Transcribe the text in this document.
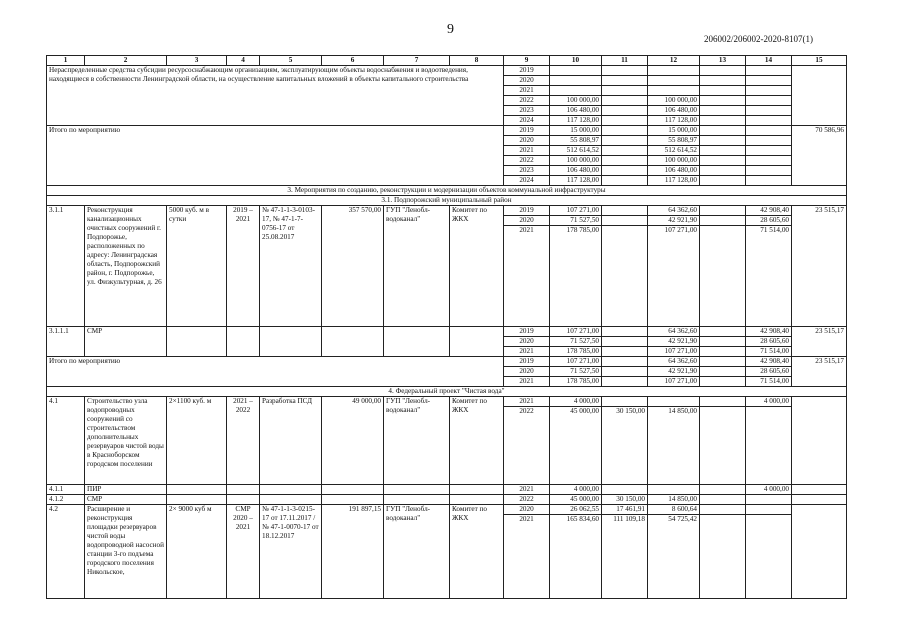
9
206002/206002-2020-8107(1)
1	2	3	4	5	6	7	8	9	10	11	12	13	14	15
Нераспределенные средства субсидии ресурсоснабжающим организациям, эксплуатирующим объекты водоснабжения и водоотведения, находящиеся в собственности Ленинградской области, на осуществление капитальных вложений в объекты капитального строительства								2019						
								2020						
								2021						
								2022	100 000,00		100 000,00			
								2023	106 480,00		106 480,00			
								2024	117 128,00		117 128,00			
Итого по мероприятию								2019	15 000,00		15 000,00			70 586,96
								2020	55 808,97		55 808,97			
								2021	512 614,52		512 614,52			
								2022	100 000,00		100 000,00			
								2023	106 480,00		106 480,00			
								2024	117 128,00		117 128,00			
3. Мероприятия по созданию, реконструкции и модернизации объектов коммунальной инфраструктуры														
3.1. Подпорожский муниципальный район														
3.1.1	Реконструкция канализационных очистных сооружений г. Подпорожье, расположенных по адресу: Ленинградская область, Подпорожский район, г. Подпорожье, ул. Физкультурная, д. 26	5000 куб. м в сутки	2019 – 2021	№ 47-1-1-3-0103-17, № 47-1-7-0756-17 от 25.08.2017	357 570,00	ГУП "Ленобл-водоканал"	Комитет по ЖКХ	2019	107 271,00		64 362,60		42 908,40	23 515,17
								2020	71 527,50		42 921,90		28 605,60	
								2021	178 785,00		107 271,00		71 514,00	
3.1.1.1	СМР							2019	107 271,00		64 362,60		42 908,40	23 515,17
								2020	71 527,50		42 921,90		28 605,60	
								2021	178 785,00		107 271,00		71 514,00	
Итого по мероприятию								2019	107 271,00		64 362,60		42 908,40	23 515,17
								2020	71 527,50		42 921,90		28 605,60	
								2021	178 785,00		107 271,00		71 514,00	
4. Федеральный проект "Чистая вода"														
4.1	Строительство узла водопроводных сооружений со строительством дополнительных резервуаров чистой воды в Красноборском городском поселении	2×1100 куб. м	2021 – 2022	Разработка ПСД	49 000,00	ГУП "Ленобл-водоканал"	Комитет по ЖКХ	2021	4 000,00				4 000,00	
								2022	45 000,00	30 150,00	14 850,00			
4.1.1	ПИР							2021	4 000,00				4 000,00	
4.1.2	СМР							2022	45 000,00	30 150,00	14 850,00			
4.2	Расширение и реконструкция площадки резервуаров чистой воды водопроводной насосной станции 3-го подъема городского поселения Никольское,	2× 9000 куб м	СМР 2020 – 2021	№ 47-1-1-3-0215-17 от 17.11.2017 / № 47-1-0070-17 от 18.12.2017	191 897,15	ГУП "Ленобл-водоканал"	Комитет по ЖКХ	2020	26 062,55	17 461,91	8 600,64			
								2021	165 834,60	111 109,18	54 725,42			
